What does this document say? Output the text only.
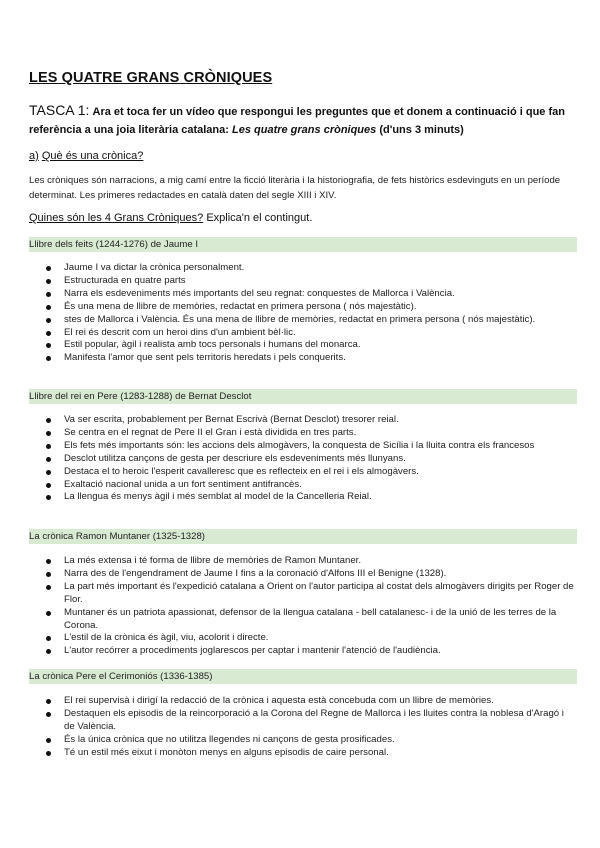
LES QUATRE GRANS CRÒNIQUES
TASCA 1: Ara et toca fer un vídeo que respongui les preguntes que et donem a continuació i que fan referència a una joia literària catalana: Les quatre grans cròniques (d'uns 3 minuts)
a) Què és una crònica?
Les cròniques són narracions, a mig camí entre la ficció literària i la historiografia, de fets històrics esdevinguts en un període determinat. Les primeres redactades en català daten del segle XIII i XIV.
Quines són les 4 Grans Cròniques? Explica'n el contingut.
Llibre dels feits (1244-1276) de Jaume I
Jaume I va dictar la crònica personalment.
Estructurada en quatre parts
Narra els esdeveniments més importants del seu regnat: conquestes de Mallorca i València.
És una mena de llibre de memòries, redactat en primera persona ( nós majestàtic).
stes de Mallorca i València. És una mena de llibre de memòries, redactat en primera persona ( nós majestàtic).
El rei és descrit com un heroi dins d'un ambient bèl·lic.
Estil popular, àgil i realista amb tocs personals i humans del monarca.
Manifesta l'amor que sent pels territoris heredats i pels conquerits.
Llibre del rei en Pere (1283-1288) de Bernat Desclot
Va ser escrita, probablement per Bernat Escrivà (Bernat Desclot) tresorer reial.
Se centra en el regnat de Pere II el Gran i està dividida en tres parts.
Els fets més importants són: les accions dels almogàvers, la conquesta de Sicília i la lluita contra els francesos
Desclot utilitza cançons de gesta per descriure els esdeveniments més llunyans.
Destaca el to heroic l'esperit cavalleresc que es reflecteix en el rei i els almogàvers.
Exaltació nacional unida a un fort sentiment antifrancès.
La llengua és menys àgil i més semblat al model de la Cancelleria Reial.
La crònica Ramon Muntaner (1325-1328)
La més extensa i té forma de llibre de memòries de Ramon Muntaner.
Narra des de l'engendrament de Jaume I fins a la coronació d'Alfons III el Benigne (1328).
La part més important és l'expedició catalana a Orient on l'autor participa al costat dels almogàvers dirigits per Roger de Flor.
Muntaner és un patriota apassionat, defensor de la llengua catalana - bell catalanesc- i de la unió de les terres de la Corona.
L'estil de la crònica és àgil, viu, acolorit i directe.
L'autor recórrer a procediments joglarescos per captar i mantenir l'atenció de l'audiència.
La crònica Pere el Cerimoniós (1336-1385)
El rei supervisà i dirigí la redacció de la crònica i aquesta està concebuda com un llibre de memòries.
Destaquen els episodis de la reincorporació a la Corona del Regne de Mallorca i les lluites contra la noblesa d'Aragó i de València.
És la única crònica que no utilitza llegendes ni cançons de gesta prosificades.
Té un estil més eixut i monòton menys en alguns episodis de caire personal.
